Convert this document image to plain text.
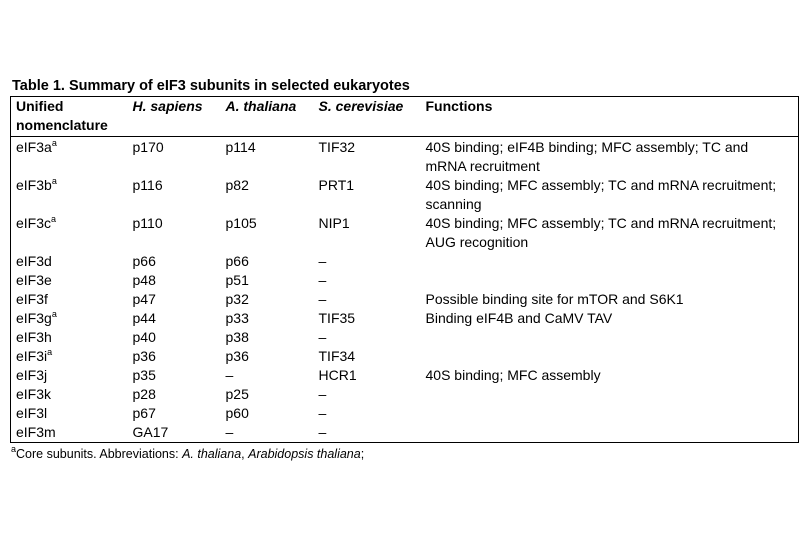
Table 1. Summary of eIF3 subunits in selected eukaryotes
Unified
nomenclature	H. sapiens	A. thaliana	S. cerevisiae	Functions
$eIF3a^a$	p170	p114	TIF32	40S binding; eIF4B binding; MFC assembly; TC and mRNA recruitment
$eIF3b^a$	p116	p82	PRT1	40S binding; MFC assembly; TC and mRNA recruitment; scanning
$eIF3c^a$	p110	p105	NIP1	40S binding; MFC assembly; TC and mRNA recruitment; AUG recognition
eIF3d	p66	p66	–	
eIF3e	p48	p51	–	
eIF3f	p47	p32	–	Possible binding site for mTOR and S6K1
$eIF3g^a$	p44	p33	TIF35	Binding eIF4B and CaMV TAV
eIF3h	p40	p38	–	
$eIF3i^a$	p36	p36	TIF34	
eIF3j	p35	–	HCR1	40S binding; MFC assembly
eIF3k	p28	p25	–	
eIF3l	p67	p60	–	
eIF3m	GA17	–	–	
$^a$Core subunits. Abbreviations: A. thaliana, Arabidopsis thaliana;
